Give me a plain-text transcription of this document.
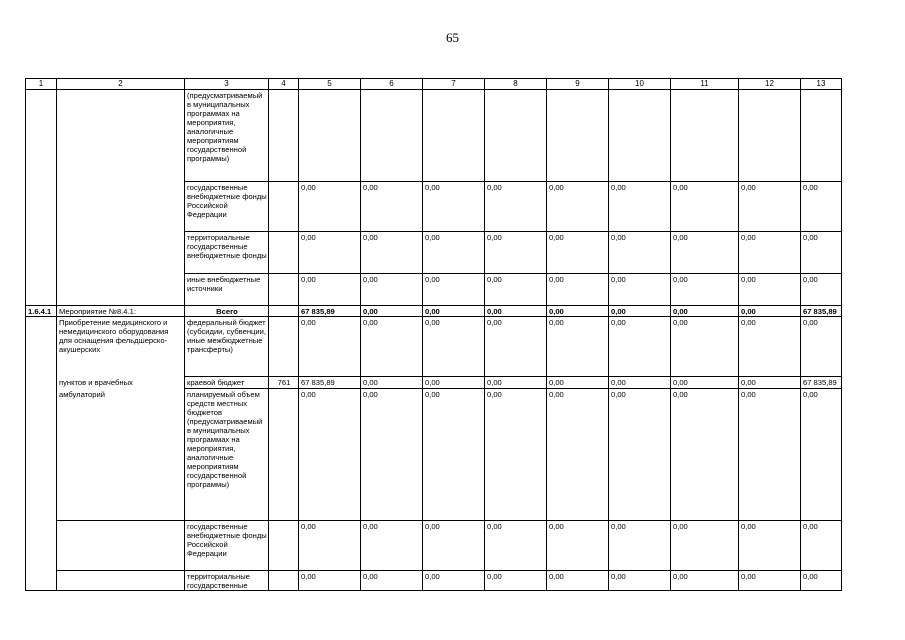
65
1	2	3	4	5	6	7	8	9	10	11	12	13
		(предусматриваемый в муниципальных программах на мероприятия, аналогичные мероприятиям государственной программы)										
		государственные внебюджетные фонды Российской Федерации		0,00	0,00	0,00	0,00	0,00	0,00	0,00	0,00	0,00
		территориальные государственные внебюджетные фонды		0,00	0,00	0,00	0,00	0,00	0,00	0,00	0,00	0,00
		иные внебюджетные источники		0,00	0,00	0,00	0,00	0,00	0,00	0,00	0,00	0,00
1.6.4.1	Мероприятие №8.4.1:	Всего		67 835,89	0,00	0,00	0,00	0,00	0,00	0,00	0,00	67 835,89
	Приобретение медицинского и немедицинского оборудования для оснащения фельдшерско-акушерских	федеральный бюджет (субсидии, субвенции, иные межбюджетные трансферты)		0,00	0,00	0,00	0,00	0,00	0,00	0,00	0,00	0,00
	пунктов и врачебных	краевой бюджет	761	67 835,89	0,00	0,00	0,00	0,00	0,00	0,00	0,00	67 835,89
	амбулаторий	планируемый объем средств местных бюджетов (предусматриваемый в муниципальных программах на мероприятия, аналогичные мероприятиям государственной программы)		0,00	0,00	0,00	0,00	0,00	0,00	0,00	0,00	0,00
		государственные внебюджетные фонды Российской Федерации		0,00	0,00	0,00	0,00	0,00	0,00	0,00	0,00	0,00
		территориальные государственные		0,00	0,00	0,00	0,00	0,00	0,00	0,00	0,00	0,00
